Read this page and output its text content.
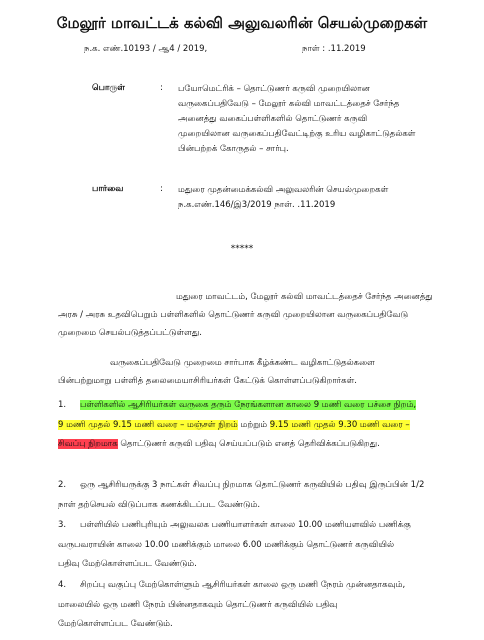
மேலூர் மாவட்டக் கல்வி அலுவலரின் செயல்முறைகள்
ந.க. எண்.10193 / ஆ4 / 2019,	நாள் : .11.2019
பொருள்	: பயோமெட்ரிக் – தொட்டுணர் கருவி முறையிலான
வருகைப்பதிவேடு – மேலூர் கல்வி மாவட்டத்தைச் சேர்ந்த
அனைத்து வகைப்பள்ளிகளில் தொட்டுணர் கருவி
முறையிலான வருகைப்பதிவேட்டிற்கு உரிய வழிகாட்டுதல்கள்
பின்பற்றக் கோருதல் – சார்பு.
பார்வை	: மதுரை முதன்மைக்கல்வி அலுவலரின் செயல்முறைகள்
ந.க.எண்.146/இ3/2019 நாள். .11.2019
*****
மதுரை மாவட்டம், மேலூர் கல்வி மாவட்டத்தைச் சேர்ந்த அனைத்து
அரசு / அரசு உதவிபெறும் பள்ளிகளில் தொட்டுணர் கருவி முறையிலான வருகைப்பதிவேடு
முறைமை செயல்படுத்தப்பட்டுள்ளது.
வருகைப்பதிவேடு முறைமை சார்பாக கீழ்க்கண்ட வழிகாட்டுதல்களை
பின்பற்றுமாறு பள்ளித் தலைமையாசிரியர்கள் கேட்டுக் கொள்ளப்படுகிறார்கள்.
1. பள்ளிகளில் ஆசிரியர்கள் வருகை தரும் நேரங்களான காலை 9 மணி வரை பச்சை நிறம்,
9 மணி முதல் 9.15 மணி வரை – மஞ்சள் நிறம் மற்றும் 9.15 மணி முதல் 9.30 மணி வரை –
சிவப்பு நிறமாக தொட்டுணர் கருவி பதிவு செய்யப்படும் எனத் தெரிவிக்கப்படுகிறது.
2. ஒரு ஆசிரியருக்கு 3 நாட்கள் சிவப்பு நிறமாக தொட்டுணர் கருவியில் பதிவு இருப்பின் 1/2
நாள் தற்செயல் விடுப்பாக கணக்கிடப்பட வேண்டும்.
3. பள்ளியில் பணிபுரியும் அலுவலக பணியாளர்கள் காலை 10.00 மணியளவில் பணிக்கு
வருபவராயின் காலை 10.00 மணிக்கும் மாலை 6.00 மணிக்கும் தொட்டுணர் கருவியில்
பதிவு மேற்கொள்ளப்பட வேண்டும்.
4. சிறப்பு வகுப்பு மேற்கொள்ளும் ஆசிரியர்கள் காலை ஒரு மணி நேரம் முன்னதாகவும்,
மாலையில் ஒரு மணி நேரம் பின்னதாகவும் தொட்டுணர் கருவியில் பதிவு
மேற்கொள்ளப்பட வேண்டும்.
